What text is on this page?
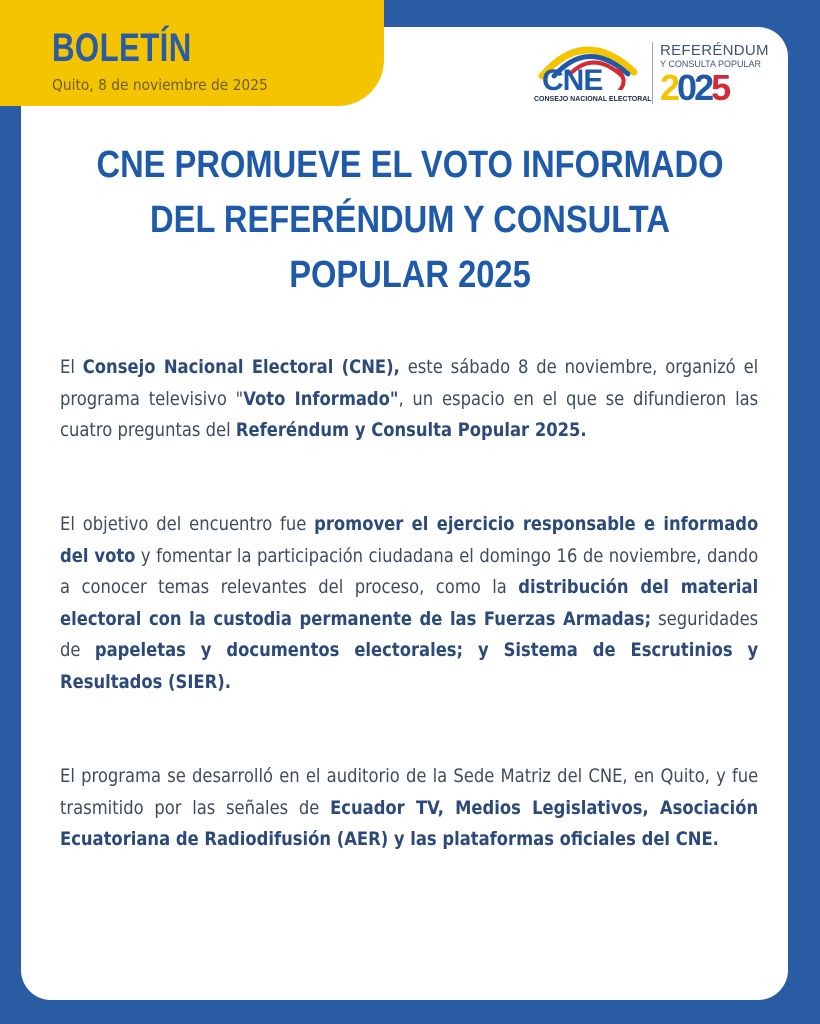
BOLETÍN
Quito, 8 de noviembre de 2025	CNE
CONSEJO NACIONAL ELECTORAL
REFERÉNDUM
Y CONSULTA POPULAR
2025
CNE PROMUEVE EL VOTO INFORMADO
DEL REFERÉNDUM Y CONSULTA
POPULAR 2025
El Consejo Nacional Electoral (CNE), este sábado 8 de noviembre, organizó el programa televisivo "Voto Informado", un espacio en el que se difundieron las cuatro preguntas del Referéndum y Consulta Popular 2025.
El objetivo del encuentro fue promover el ejercicio responsable e informado del voto y fomentar la participación ciudadana el domingo 16 de noviembre, dando a conocer temas relevantes del proceso, como la distribución del material electoral con la custodia permanente de las Fuerzas Armadas; seguridades de papeletas y documentos electorales; y Sistema de Escrutinios y Resultados (SIER).
El programa se desarrolló en el auditorio de la Sede Matriz del CNE, en Quito, y fue trasmitido por las señales de Ecuador TV, Medios Legislativos, Asociación Ecuatoriana de Radiodifusión (AER) y las plataformas oficiales del CNE.
